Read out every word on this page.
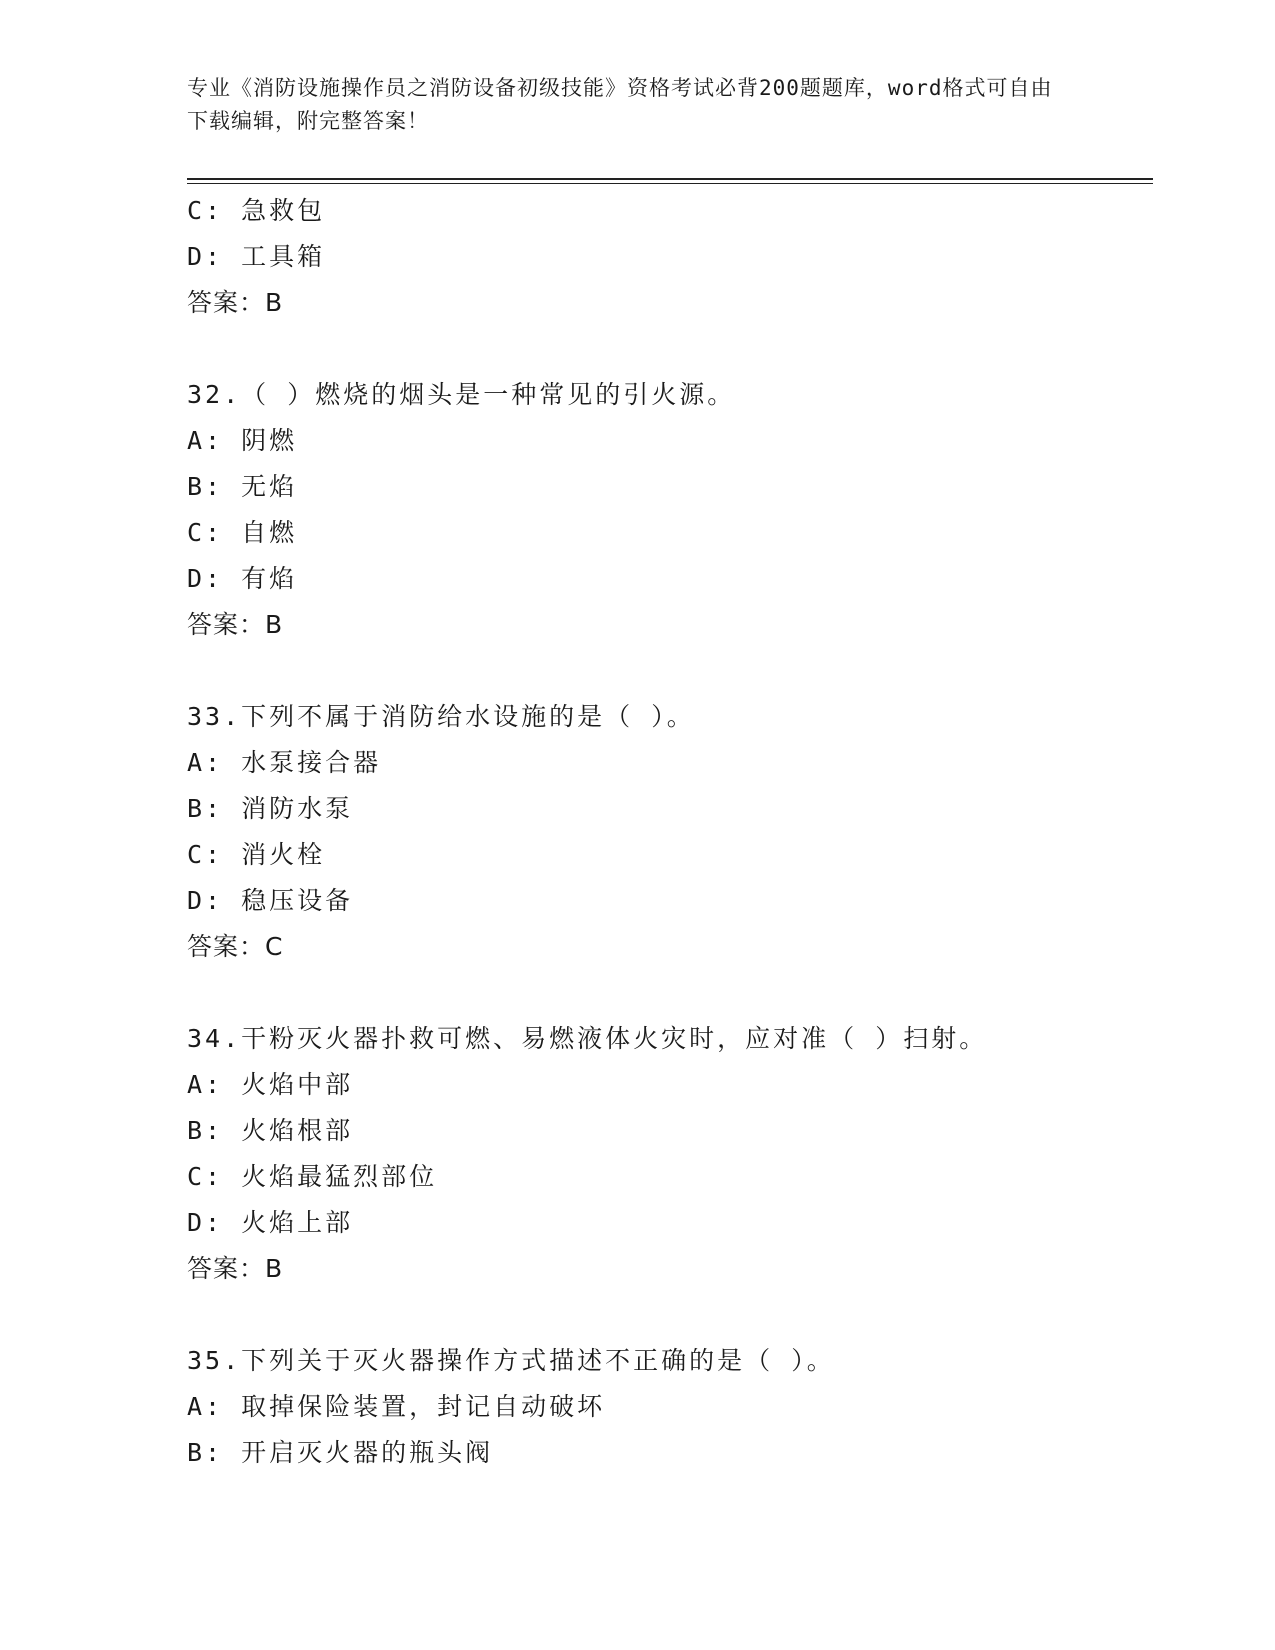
专业《消防设施操作员之消防设备初级技能》资格考试必背200题题库，word格式可自由下载编辑，附完整答案！
C: 急救包
D: 工具箱
答案：B
32.（ ）燃烧的烟头是一种常见的引火源。
A: 阴燃
B: 无焰
C: 自燃
D: 有焰
答案：B
33.下列不属于消防给水设施的是（ ）。
A: 水泵接合器
B: 消防水泵
C: 消火栓
D: 稳压设备
答案：C
34.干粉灭火器扑救可燃、易燃液体火灾时，应对准（ ）扫射。
A: 火焰中部
B: 火焰根部
C: 火焰最猛烈部位
D: 火焰上部
答案：B
35.下列关于灭火器操作方式描述不正确的是（ ）。
A: 取掉保险装置，封记自动破坏
B: 开启灭火器的瓶头阀
